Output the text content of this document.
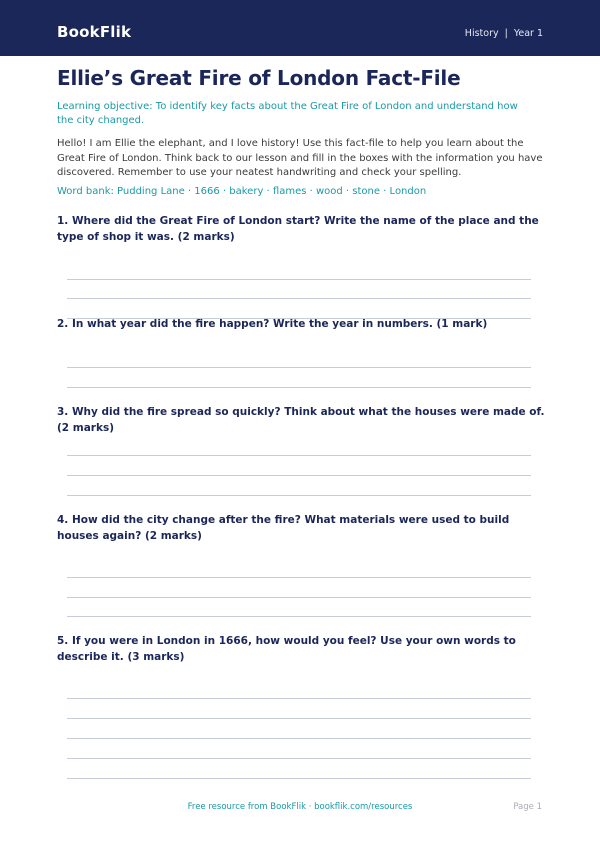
BookFlik	History | Year 1
Ellie’s Great Fire of London Fact-File
Learning objective: To identify key facts about the Great Fire of London and understand how the city changed.
Hello! I am Ellie the elephant, and I love history! Use this fact-file to help you learn about the Great Fire of London. Think back to our lesson and fill in the boxes with the information you have discovered. Remember to use your neatest handwriting and check your spelling.
Word bank: Pudding Lane · 1666 · bakery · flames · wood · stone · London
1. Where did the Great Fire of London start? Write the name of the place and the type of shop it was. (2 marks)
2. In what year did the fire happen? Write the year in numbers. (1 mark)
3. Why did the fire spread so quickly? Think about what the houses were made of. (2 marks)
4. How did the city change after the fire? What materials were used to build houses again? (2 marks)
5. If you were in London in 1666, how would you feel? Use your own words to describe it. (3 marks)
Free resource from BookFlik · bookflik.com/resources	Page 1
